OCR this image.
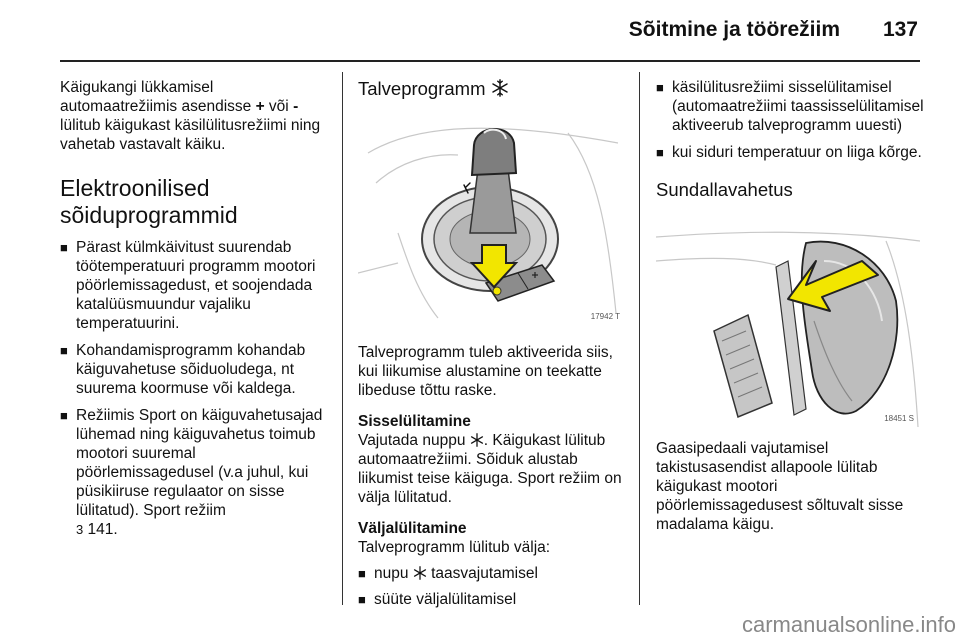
Sõitmine ja töörežiim 137

Käigukangi lükkamisel automaatrežiimis asendisse + või - lülitub käigukast käsilülitusrežiimi ning vahetab vastavalt käiku.

Elektroonilised sõiduprogrammid
■ Pärast külmkäivitust suurendab töötemperatuuri programm mootori pöörlemissagedust, et soojendada katalüüsmuundur vajaliku temperatuurini.
■ Kohandamisprogramm kohandab käiguvahetuse sõiduoludega, nt suurema koormuse või kaldega.
■ Režiimis Sport on käiguvahetusajad lühemad ning käiguvahetus toimub mootori suuremal pöörlemissagedusel (v.a juhul, kui püsikiiruse regulaator on sisse lülitatud). Sport režiim
3 141.
Talveprogramm
17942 T

Talveprogramm tuleb aktiveerida siis, kui liikumise alustamine on teekatte libeduse tõttu raske.

Sisselülitamine

Vajutada nuppu . Käigukast lülitub automaatrežiimi. Sõiduk alustab liikumist teise käiguga. Sport režiim on välja lülitatud.

Väljalülitamine

Talveprogramm lülitub välja:

■ nupu  taasvajutamisel
■ süüte väljalülitamisel
■ käsilülitusrežiimi sisselülitamisel (automaatrežiimi taassisselülitamisel aktiveerub talveprogramm uuesti)
■ kui siduri temperatuur on liiga kõrge.
Sundallavahetus
18451 S

Gaasipedaali vajutamisel takistusasendist allapoole lülitab käigukast mootori pöörlemissagedusest sõltuvalt sisse madalama käigu.

carmanualsonline.info
